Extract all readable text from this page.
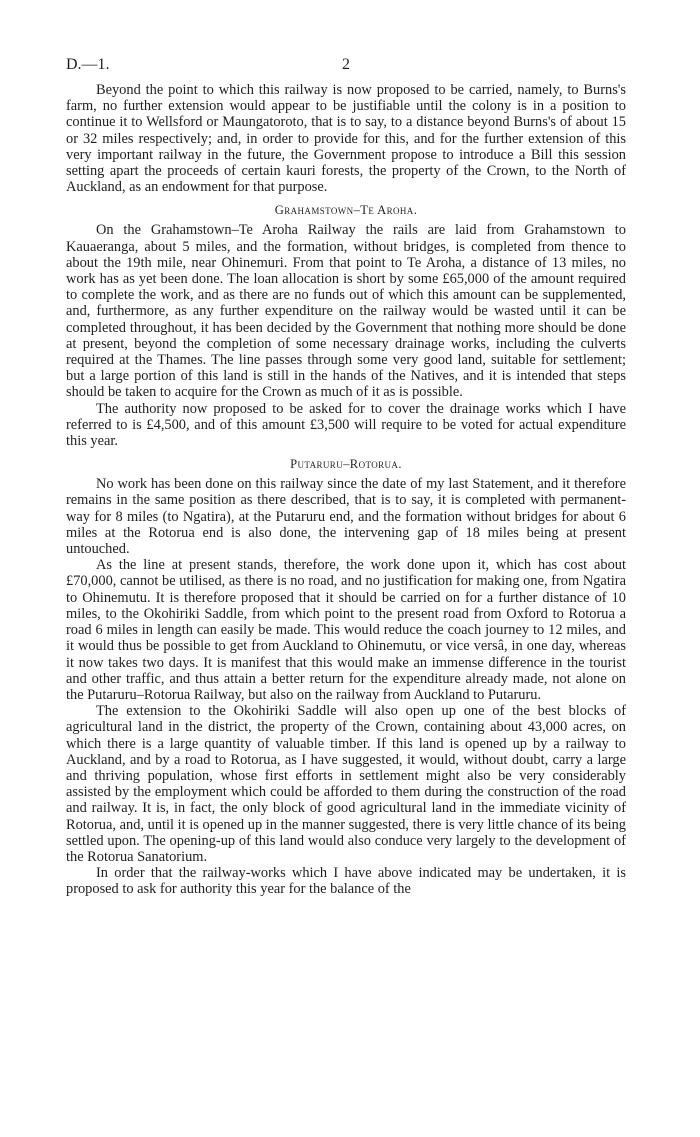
D.—1.	2

Beyond the point to which this railway is now proposed to be carried, namely, to Burns's farm, no further extension would appear to be justifiable until the colony is in a position to continue it to Wellsford or Maungatoroto, that is to say, to a distance beyond Burns's of about 15 or 32 miles respectively; and, in order to provide for this, and for the further extension of this very important railway in the future, the Government propose to introduce a Bill this session setting apart the proceeds of certain kauri forests, the property of the Crown, to the North of Auckland, as an endowment for that purpose.

Grahamstown–Te Aroha.

On the Grahamstown–Te Aroha Railway the rails are laid from Grahamstown to Kauaeranga, about 5 miles, and the formation, without bridges, is completed from thence to about the 19th mile, near Ohinemuri. From that point to Te Aroha, a distance of 13 miles, no work has as yet been done. The loan allocation is short by some £65,000 of the amount required to complete the work, and as there are no funds out of which this amount can be supplemented, and, furthermore, as any further expenditure on the railway would be wasted until it can be completed throughout, it has been decided by the Government that nothing more should be done at present, beyond the completion of some necessary drainage works, including the culverts required at the Thames. The line passes through some very good land, suitable for settlement; but a large portion of this land is still in the hands of the Natives, and it is intended that steps should be taken to acquire for the Crown as much of it as is possible.

The authority now proposed to be asked for to cover the drainage works which I have referred to is £4,500, and of this amount £3,500 will require to be voted for actual expenditure this year.

Putaruru–Rotorua.

No work has been done on this railway since the date of my last Statement, and it therefore remains in the same position as there described, that is to say, it is completed with permanent-way for 8 miles (to Ngatira), at the Putaruru end, and the formation without bridges for about 6 miles at the Rotorua end is also done, the intervening gap of 18 miles being at present untouched.

As the line at present stands, therefore, the work done upon it, which has cost about £70,000, cannot be utilised, as there is no road, and no justification for making one, from Ngatira to Ohinemutu. It is therefore proposed that it should be carried on for a further distance of 10 miles, to the Okohiriki Saddle, from which point to the present road from Oxford to Rotorua a road 6 miles in length can easily be made. This would reduce the coach journey to 12 miles, and it would thus be possible to get from Auckland to Ohinemutu, or vice versâ, in one day, whereas it now takes two days. It is manifest that this would make an immense difference in the tourist and other traffic, and thus attain a better return for the expenditure already made, not alone on the Putaruru–Rotorua Railway, but also on the railway from Auckland to Putaruru.

The extension to the Okohiriki Saddle will also open up one of the best blocks of agricultural land in the district, the property of the Crown, containing about 43,000 acres, on which there is a large quantity of valuable timber. If this land is opened up by a railway to Auckland, and by a road to Rotorua, as I have suggested, it would, without doubt, carry a large and thriving population, whose first efforts in settlement might also be very considerably assisted by the employment which could be afforded to them during the construction of the road and railway. It is, in fact, the only block of good agricultural land in the immediate vicinity of Rotorua, and, until it is opened up in the manner suggested, there is very little chance of its being settled upon. The opening-up of this land would also conduce very largely to the development of the Rotorua Sanatorium.

In order that the railway-works which I have above indicated may be undertaken, it is proposed to ask for authority this year for the balance of the
